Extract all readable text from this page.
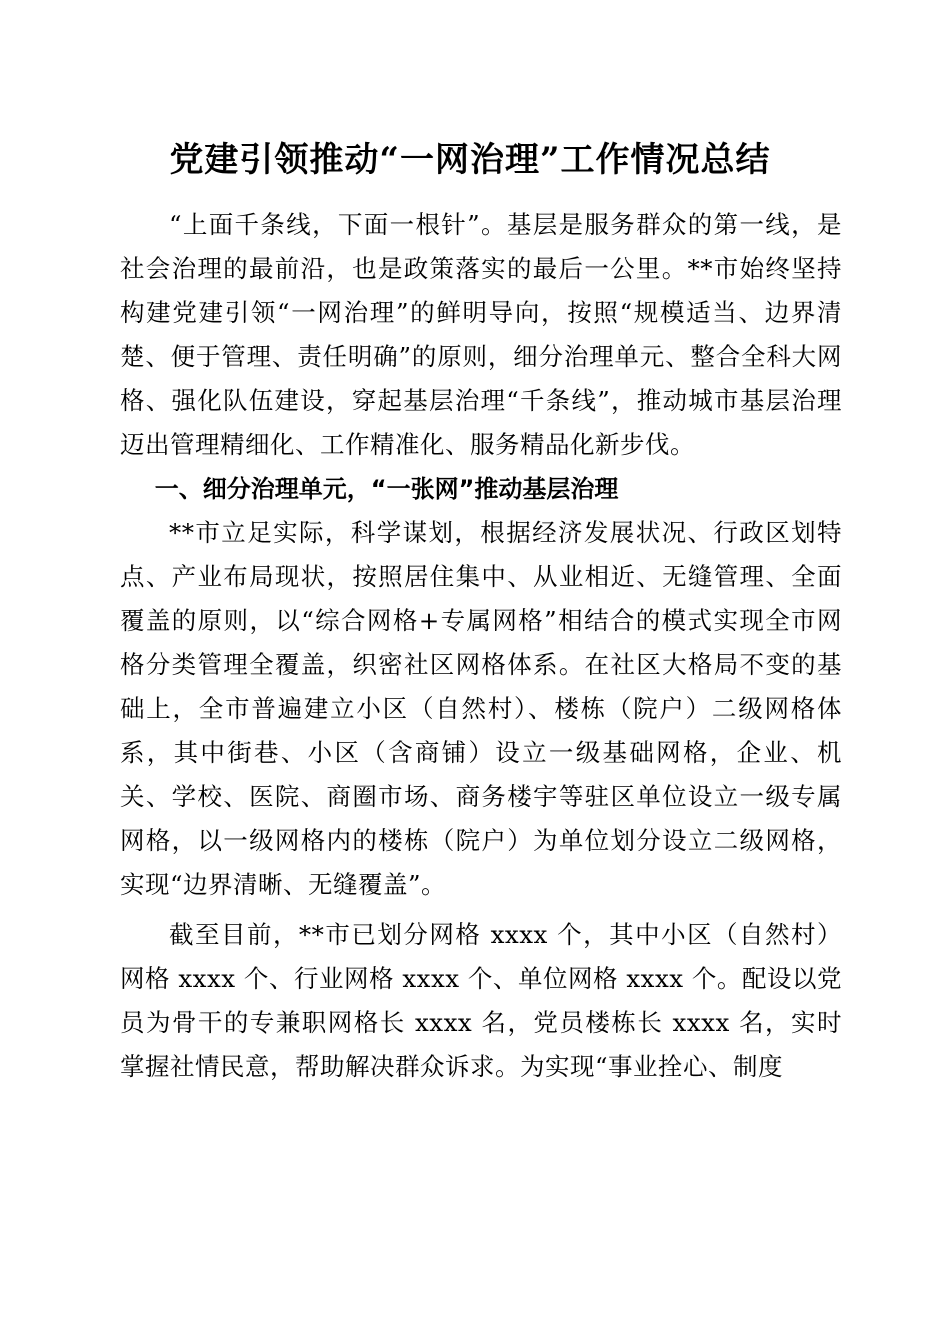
党建引领推动“一网治理”工作情况总结

“上面千条线，下面一根针”。基层是服务群众的第一线，是社会治理的最前沿，也是政策落实的最后一公里。**市始终坚持构建党建引领“一网治理”的鲜明导向，按照“规模适当、边界清楚、便于管理、责任明确”的原则，细分治理单元、整合全科大网格、强化队伍建设，穿起基层治理“千条线”，推动城市基层治理迈出管理精细化、工作精准化、服务精品化新步伐。

一、细分治理单元，“一张网”推动基层治理

**市立足实际，科学谋划，根据经济发展状况、行政区划特点、产业布局现状，按照居住集中、从业相近、无缝管理、全面覆盖的原则，以“综合网格+专属网格”相结合的模式实现全市网格分类管理全覆盖，织密社区网格体系。在社区大格局不变的基础上，全市普遍建立小区（自然村）、楼栋（院户）二级网格体系，其中街巷、小区（含商铺）设立一级基础网格，企业、机关、学校、医院、商圈市场、商务楼宇等驻区单位设立一级专属网格，以一级网格内的楼栋（院户）为单位划分设立二级网格，实现“边界清晰、无缝覆盖”。

截至目前，**市已划分网格 xxxx 个，其中小区（自然村）网格 xxxx 个、行业网格 xxxx 个、单位网格 xxxx 个。配设以党员为骨干的专兼职网格长 xxxx 名，党员楼栋长 xxxx 名，实时掌握社情民意，帮助解决群众诉求。为实现“事业拴心、制度
